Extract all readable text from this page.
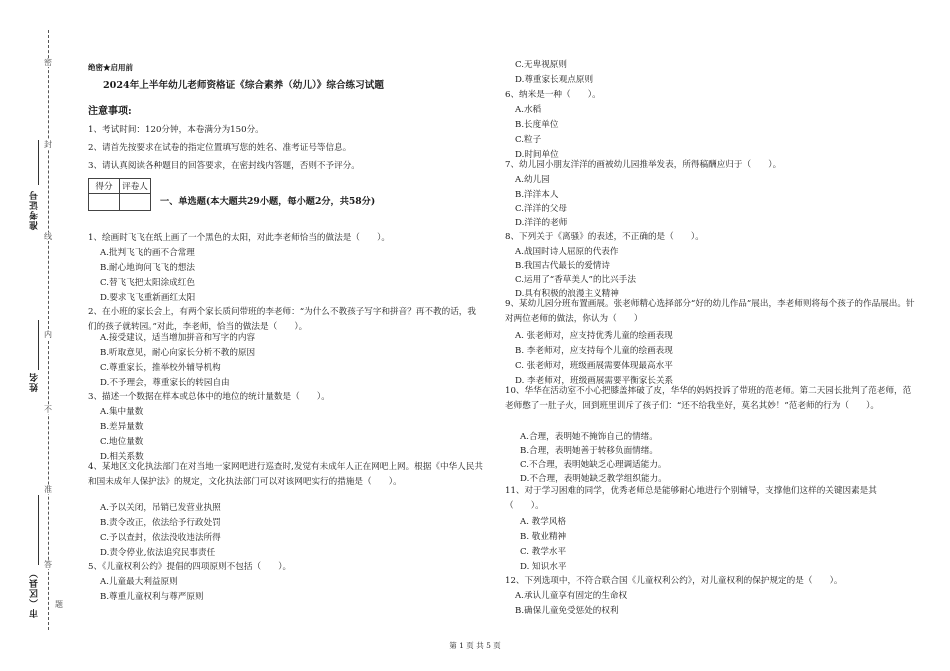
准考证号
姓名
市（区县）
密
封
线
内
不
准
答
题
绝密★启用前
2024年上半年幼儿老师资格证《综合素养（幼儿）》综合练习试题
注意事项:
1、考试时间：120分钟，本卷满分为150分。
2、请首先按要求在试卷的指定位置填写您的姓名、准考证号等信息。
3、请认真阅读各种题目的回答要求，在密封线内答题，否则不予评分。
得分	评卷人

一、单选题(本大题共29小题，每小题2分，共58分)
1、绘画时飞飞在纸上画了一个黑色的太阳，对此李老师恰当的做法是（　　）。
A.批判飞飞的画不合常理
B.耐心地询问飞飞的想法
C.替飞飞把太阳涂成红色
D.要求飞飞重新画红太阳
2、在小班的家长会上，有两个家长质问带班的李老师：“为什么不教孩子写字和拼音？再不教的话，我们的孩子就转园。”对此，李老师，恰当的做法是（　　）。
A.接受建议，适当增加拼音和写字的内容
B.听取意见，耐心向家长分析不教的原因
C.尊重家长，推举校外辅导机构
D.不予理会，尊重家长的转园自由
3、描述一个数据在样本或总体中的地位的统计量数是（　　）。
A.集中量数
B.差异量数
C.地位量数
D.相关系数
4、某地区文化执法部门在对当地一家网吧进行巡查时,发觉有未成年人正在网吧上网。根据《中华人民共和国未成年人保护法》的规定，文化执法部门可以对该网吧实行的措施是（　　）。
A.予以关闭，吊销已发营业执照
B.责令改正，依法给予行政处罚
C.予以查封，依法没收违法所得
D.责令停业,依法追究民事责任
5、《儿童权利公约》提倡的四项原则不包括（　　）。
A.儿童最大利益原则
B.尊重儿童权利与尊严原则
C.无卑视原则
D.尊重家长观点原则
6、纳米是一种（　　）。
A.水稻
B.长度单位
C.粒子
D.时间单位
7、幼儿园小朋友洋洋的画被幼儿园推举发表，所得稿酬应归于（　　）。
A.幼儿园
B.洋洋本人
C.洋洋的父母
D.洋洋的老师
8、下列关于《离骚》的表述，不正确的是（　　）。
A.战国时诗人屈原的代表作
B.我国古代最长的爱情诗
C.运用了“香草美人”的比兴手法
D.具有积极的浪漫主义精神
9、某幼儿园分班布置画展。张老师精心选择部分“好的幼儿作品”展出，李老师则将每个孩子的作品展出。针对两位老师的做法，你认为（　　）
A. 张老师对，应支持优秀儿童的绘画表现
B. 李老师对，应支持每个儿童的绘画表现
C. 张老师对，班级画展需要体现最高水平
D. 李老师对，班级画展需要平衡家长关系
10、华华在活动室不小心把膝盖摔破了皮，华华的妈妈投诉了带班的范老师。第二天园长批判了范老师，范老师憋了一肚子火，回到班里训斥了孩子们：“还不给我坐好，莫名其妙！”范老师的行为（　　）。
A.合理，表明她不掩饰自己的情绪。
B.合理，表明她善于转移负面情绪。
C.不合理，表明她缺乏心理调适能力。
D.不合理，表明她缺乏教学组织能力。
11、对于学习困难的同学，优秀老师总是能够耐心地进行个别辅导，支撑他们这样的关键因素是其（　　）。
A. 教学风格
B. 敬业精神
C. 教学水平
D. 知识水平
12、下列选项中，不符合联合国《儿童权利公约》，对儿童权利的保护规定的是（　　）。
A.承认儿童享有固定的生命权
B.确保儿童免受惩处的权利
第 1 页 共 5 页
